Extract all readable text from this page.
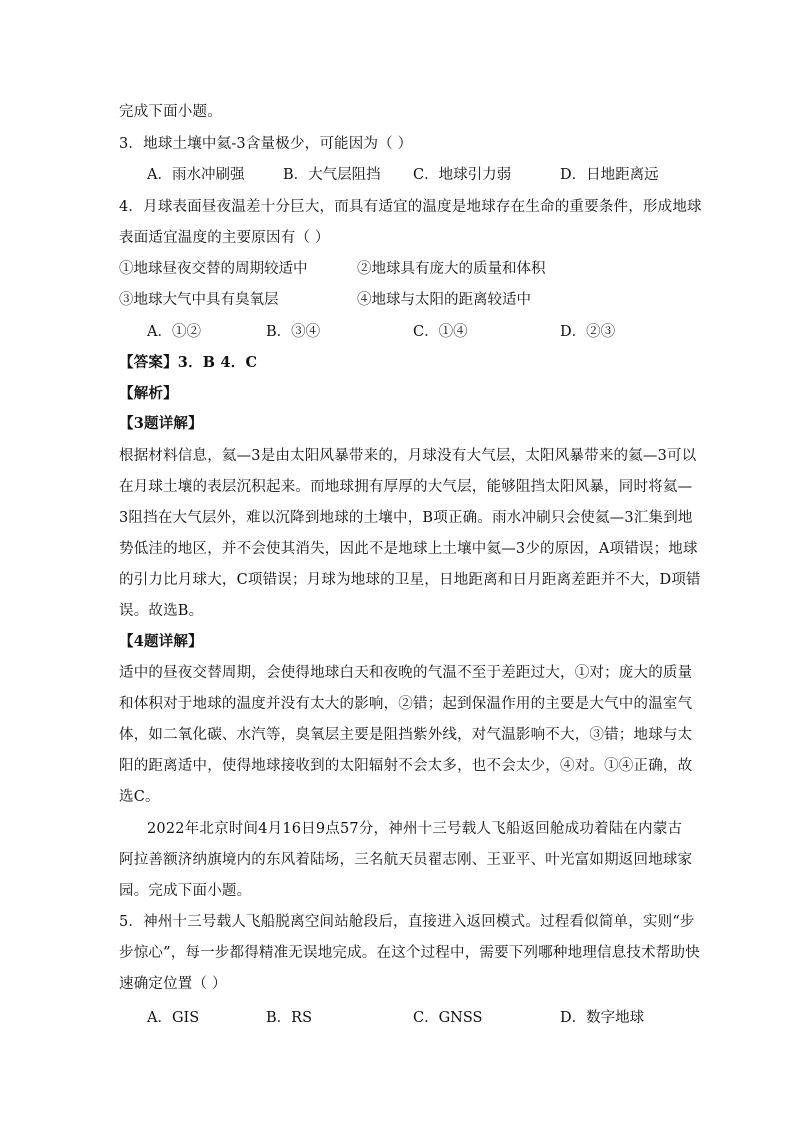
完成下面小题。
3．地球土壤中氦-3含量极少，可能因为（ ）
A．雨水冲刷强	B．大气层阻挡 C．地球引力弱	D．日地距离远
4．月球表面昼夜温差十分巨大，而具有适宜的温度是地球存在生命的重要条件，形成地球
表面适宜温度的主要原因有（ ）
①地球昼夜交替的周期较适中	②地球具有庞大的质量和体积
③地球大气中具有臭氧层	④地球与太阳的距离较适中
A．①②	B．③④	C．①④	D．②③
【答案】3．B 4．C
【解析】
【3题详解】
根据材料信息，氦—3是由太阳风暴带来的，月球没有大气层，太阳风暴带来的氦—3可以
在月球土壤的表层沉积起来。而地球拥有厚厚的大气层，能够阻挡太阳风暴，同时将氦—
3阻挡在大气层外，难以沉降到地球的土壤中，B项正确。雨水冲刷只会使氦—3汇集到地
势低洼的地区，并不会使其消失，因此不是地球上土壤中氦—3少的原因，A项错误；地球
的引力比月球大，C项错误；月球为地球的卫星，日地距离和日月距离差距并不大，D项错
误。故选B。
【4题详解】
适中的昼夜交替周期，会使得地球白天和夜晚的气温不至于差距过大，①对；庞大的质量
和体积对于地球的温度并没有太大的影响，②错；起到保温作用的主要是大气中的温室气
体，如二氧化碳、水汽等，臭氧层主要是阻挡紫外线，对气温影响不大，③错；地球与太
阳的距离适中，使得地球接收到的太阳辐射不会太多，也不会太少，④对。①④正确，故
选C。
2022年北京时间4月16日9点57分，神州十三号载人飞船返回舱成功着陆在内蒙古
阿拉善额济纳旗境内的东风着陆场，三名航天员翟志刚、王亚平、叶光富如期返回地球家
园。完成下面小题。
5．神州十三号载人飞船脱离空间站舱段后，直接进入返回模式。过程看似简单，实则“步
步惊心”，每一步都得精准无误地完成。在这个过程中，需要下列哪种地理信息技术帮助快
速确定位置（ ）
A．GIS	B．RS	C．GNSS	D．数字地球
